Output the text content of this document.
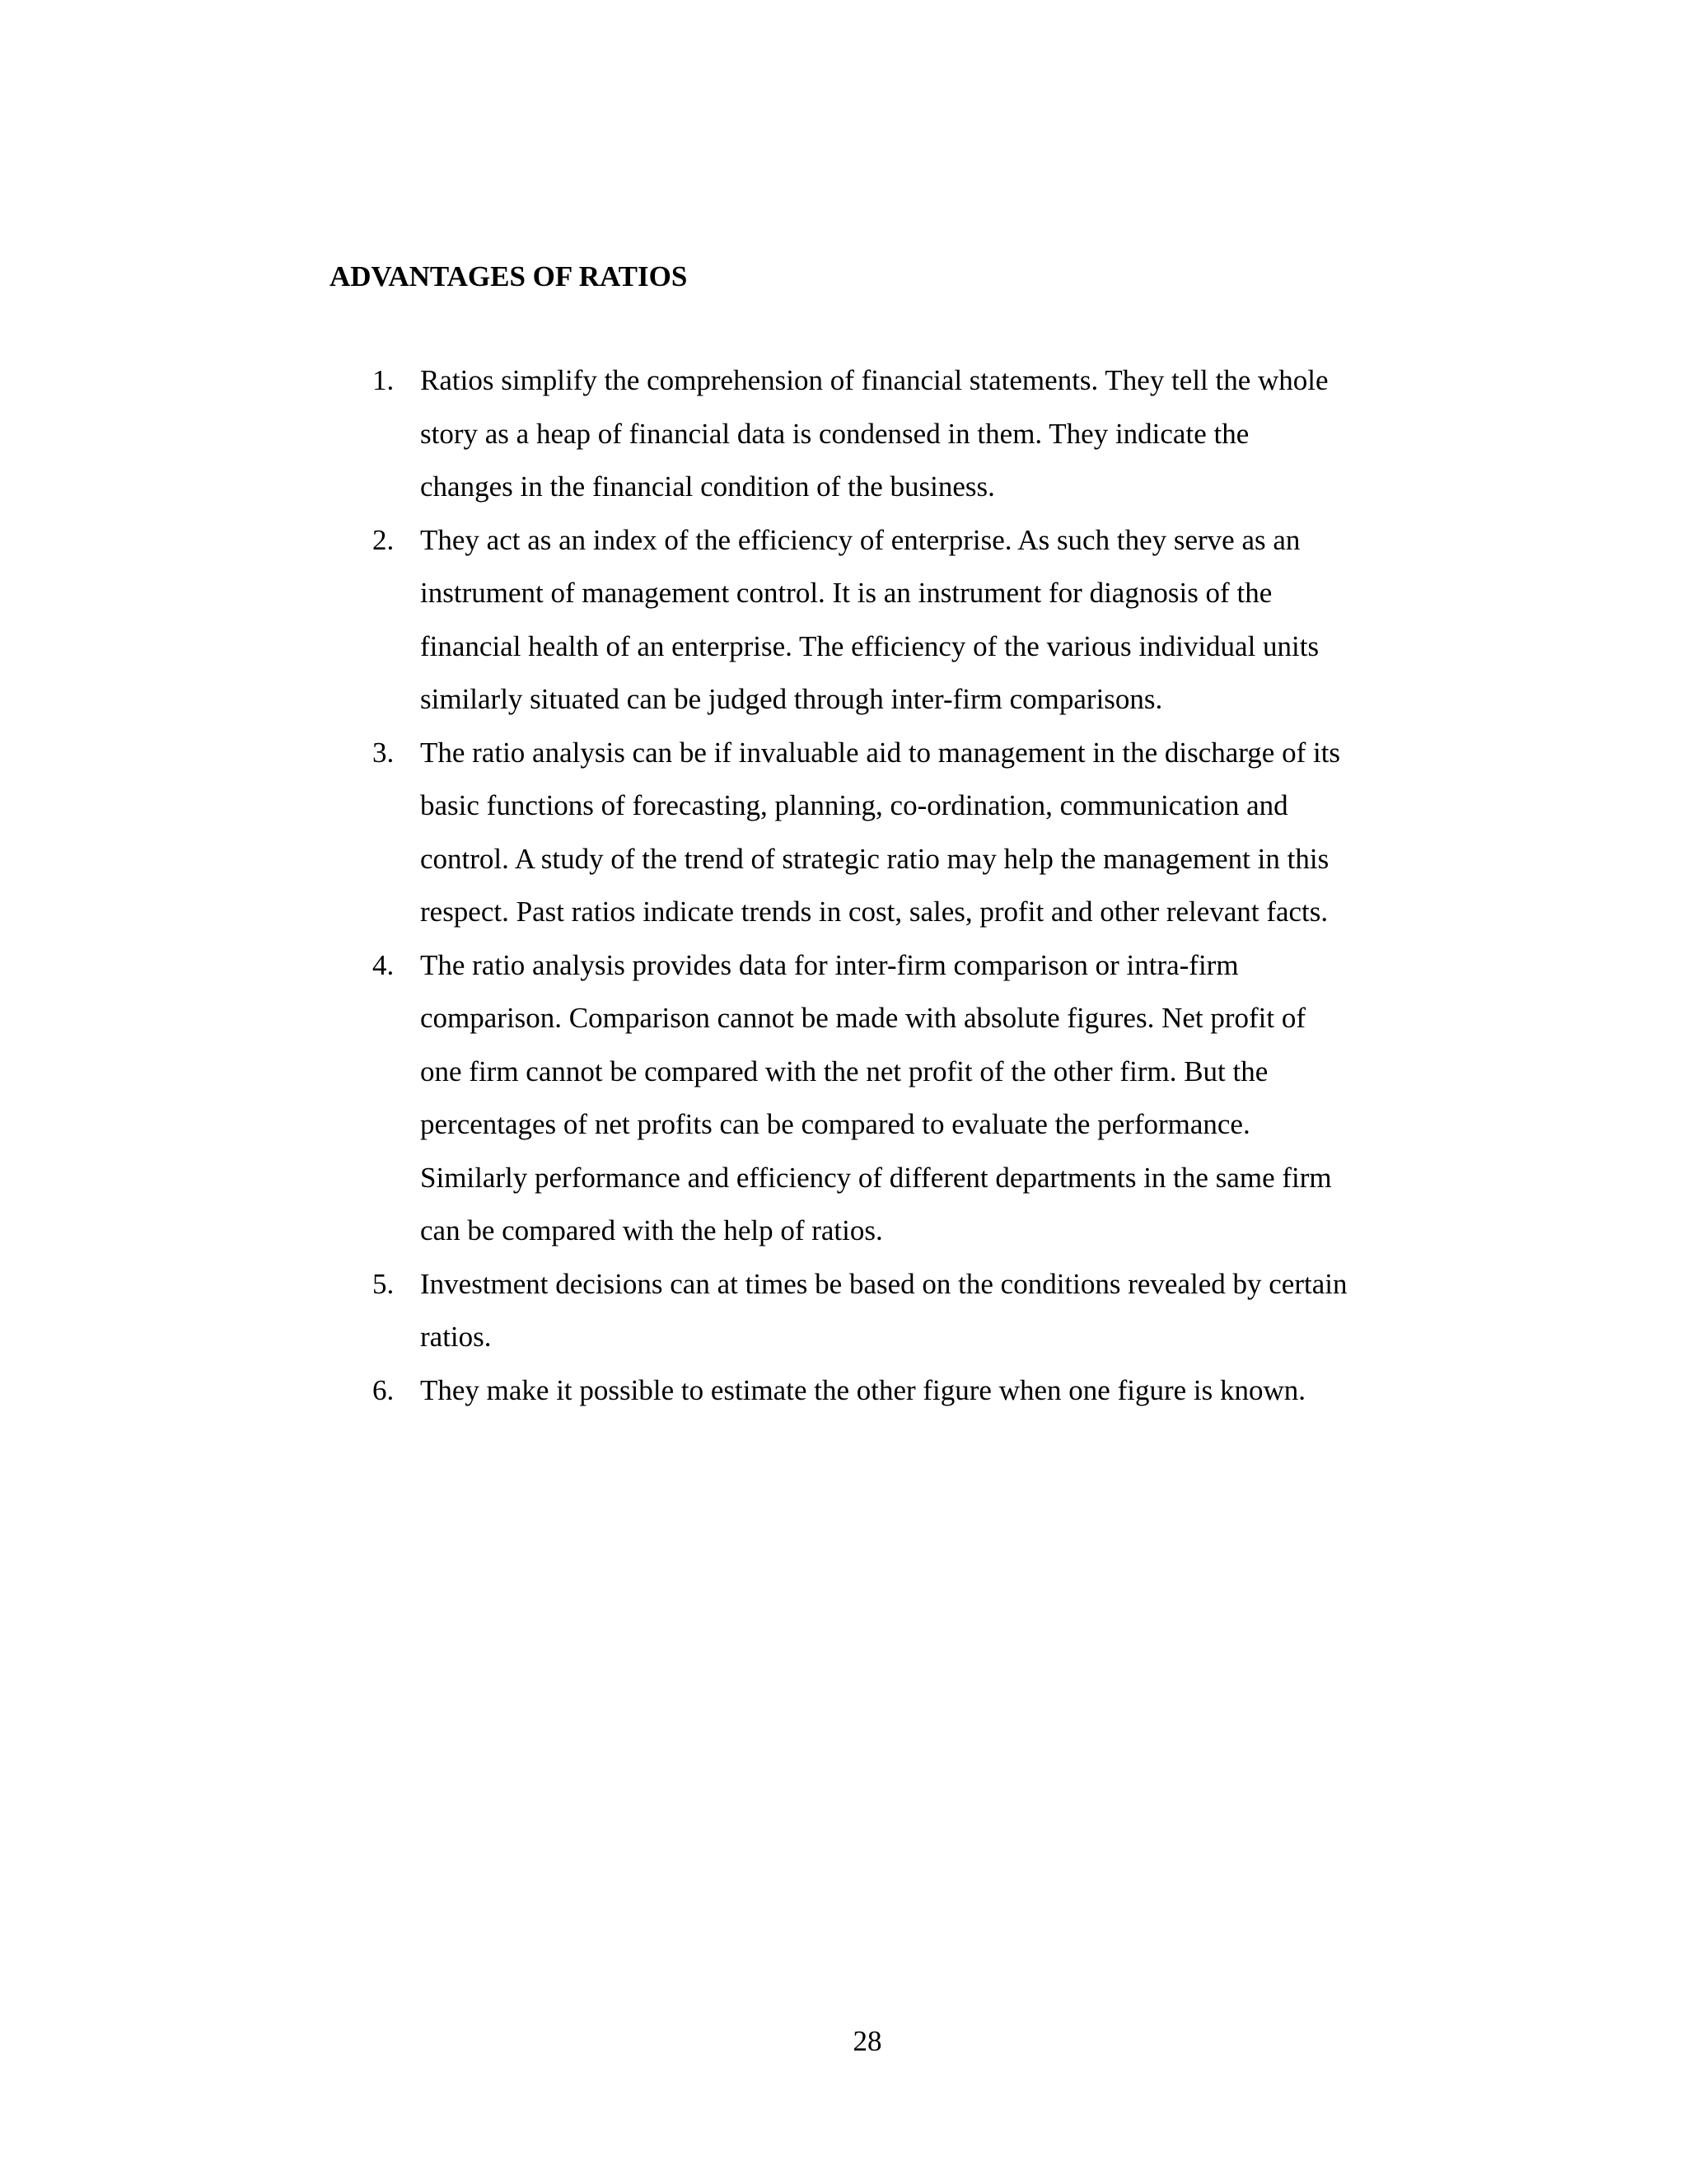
ADVANTAGES OF RATIOS
1. Ratios simplify the comprehension of financial statements. They tell the whole
story as a heap of financial data is condensed in them. They indicate the
changes in the financial condition of the business.
2. They act as an index of the efficiency of enterprise. As such they serve as an
instrument of management control. It is an instrument for diagnosis of the
financial health of an enterprise. The efficiency of the various individual units
similarly situated can be judged through inter-firm comparisons.
3. The ratio analysis can be if invaluable aid to management in the discharge of its
basic functions of forecasting, planning, co-ordination, communication and
control. A study of the trend of strategic ratio may help the management in this
respect. Past ratios indicate trends in cost, sales, profit and other relevant facts.
4. The ratio analysis provides data for inter-firm comparison or intra-firm
comparison. Comparison cannot be made with absolute figures. Net profit of
one firm cannot be compared with the net profit of the other firm. But the
percentages of net profits can be compared to evaluate the performance.
Similarly performance and efficiency of different departments in the same firm
can be compared with the help of ratios.
5. Investment decisions can at times be based on the conditions revealed by certain
ratios.
6. They make it possible to estimate the other figure when one figure is known.
28
